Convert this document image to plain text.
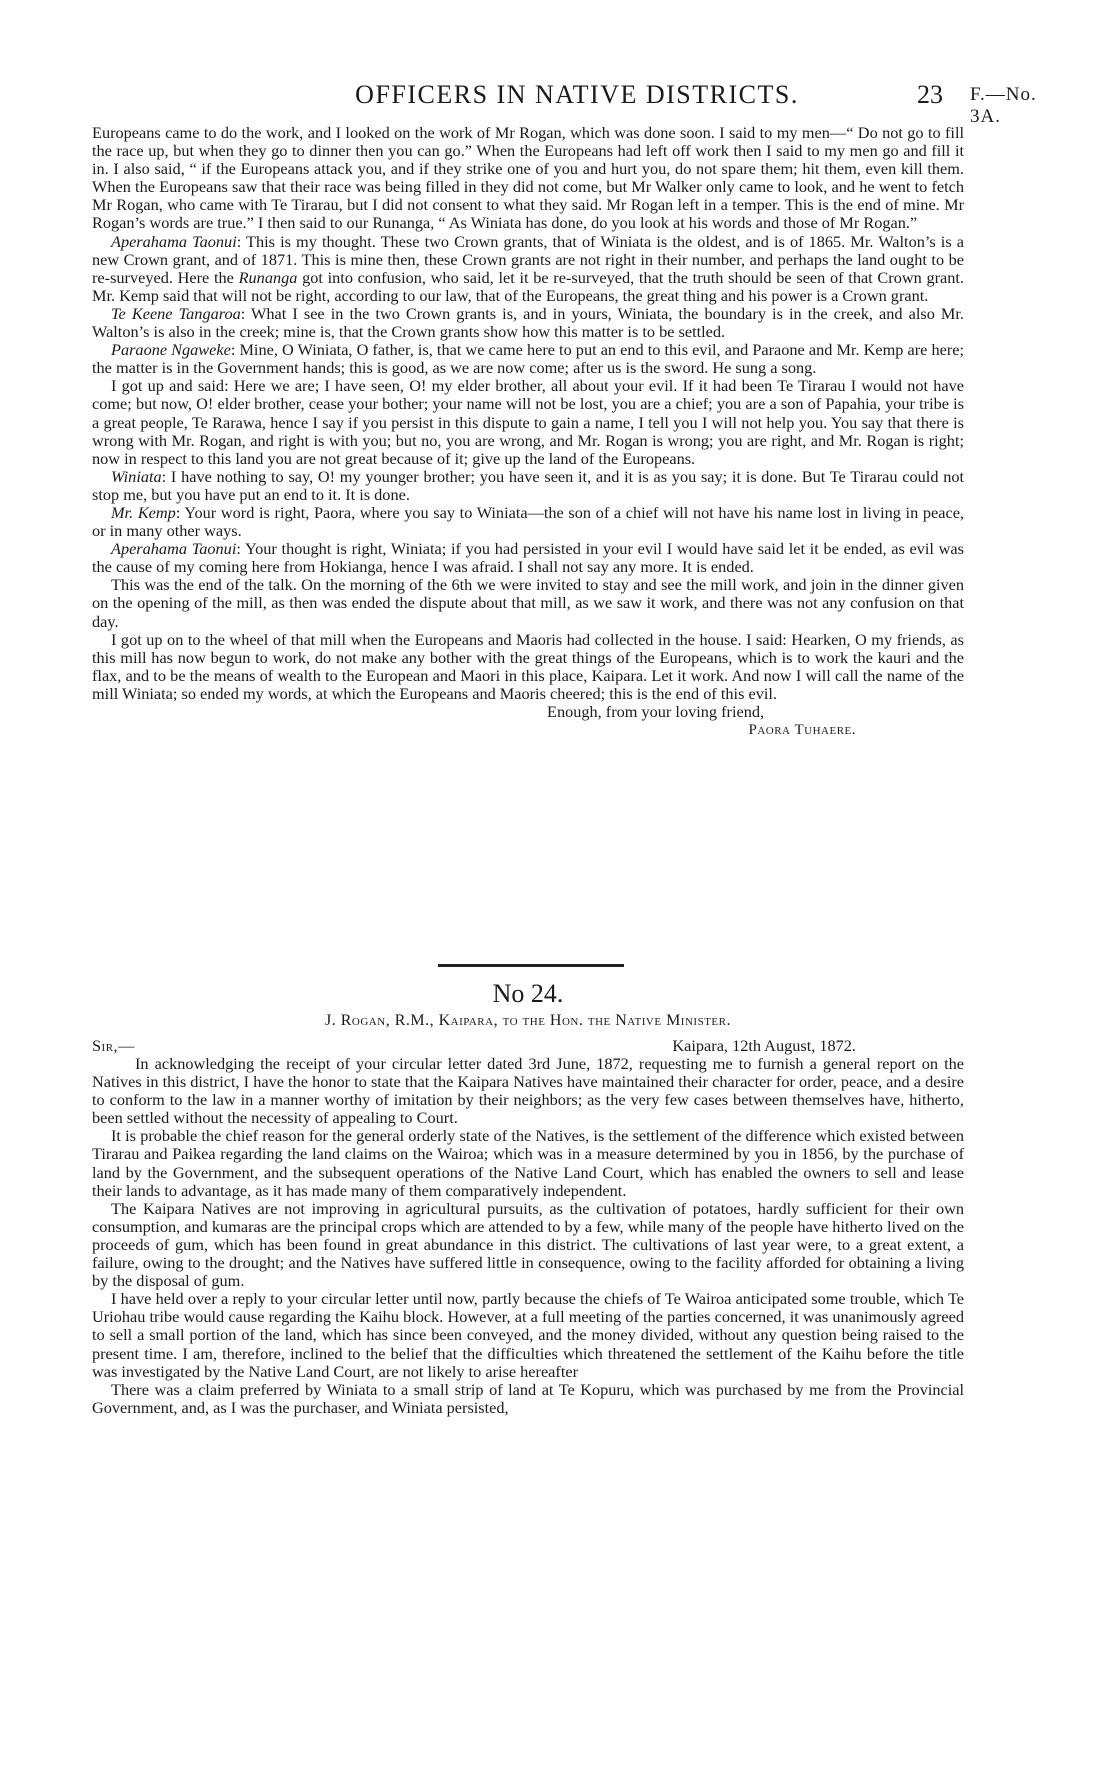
OFFICERS IN NATIVE DISTRICTS.	23 F.—No. 3A.

Europeans came to do the work, and I looked on the work of Mr Rogan, which was done soon. I said to my men—“ Do not go to fill the race up, but when they go to dinner then you can go.” When the Europeans had left off work then I said to my men go and fill it in. I also said, “ if the Europeans attack you, and if they strike one of you and hurt you, do not spare them; hit them, even kill them. When the Europeans saw that their race was being filled in they did not come, but Mr Walker only came to look, and he went to fetch Mr Rogan, who came with Te Tirarau, but I did not consent to what they said. Mr Rogan left in a temper. This is the end of mine. Mr Rogan’s words are true.” I then said to our Runanga, “ As Winiata has done, do you look at his words and those of Mr Rogan.”

Aperahama Taonui: This is my thought. These two Crown grants, that of Winiata is the oldest, and is of 1865. Mr. Walton’s is a new Crown grant, and of 1871. This is mine then, these Crown grants are not right in their number, and perhaps the land ought to be re-surveyed. Here the Runanga got into confusion, who said, let it be re-surveyed, that the truth should be seen of that Crown grant. Mr. Kemp said that will not be right, according to our law, that of the Europeans, the great thing and his power is a Crown grant.

Te Keene Tangaroa: What I see in the two Crown grants is, and in yours, Winiata, the boundary is in the creek, and also Mr. Walton’s is also in the creek; mine is, that the Crown grants show how this matter is to be settled.

Paraone Ngaweke: Mine, O Winiata, O father, is, that we came here to put an end to this evil, and Paraone and Mr. Kemp are here; the matter is in the Government hands; this is good, as we are now come; after us is the sword. He sung a song.

I got up and said: Here we are; I have seen, O! my elder brother, all about your evil. If it had been Te Tirarau I would not have come; but now, O! elder brother, cease your bother; your name will not be lost, you are a chief; you are a son of Papahia, your tribe is a great people, Te Rarawa, hence I say if you persist in this dispute to gain a name, I tell you I will not help you. You say that there is wrong with Mr. Rogan, and right is with you; but no, you are wrong, and Mr. Rogan is wrong; you are right, and Mr. Rogan is right; now in respect to this land you are not great because of it; give up the land of the Europeans.

Winiata: I have nothing to say, O! my younger brother; you have seen it, and it is as you say; it is done. But Te Tirarau could not stop me, but you have put an end to it. It is done.

Mr. Kemp: Your word is right, Paora, where you say to Winiata—the son of a chief will not have his name lost in living in peace, or in many other ways.

Aperahama Taonui: Your thought is right, Winiata; if you had persisted in your evil I would have said let it be ended, as evil was the cause of my coming here from Hokianga, hence I was afraid. I shall not say any more. It is ended.

This was the end of the talk. On the morning of the 6th we were invited to stay and see the mill work, and join in the dinner given on the opening of the mill, as then was ended the dispute about that mill, as we saw it work, and there was not any confusion on that day.

I got up on to the wheel of that mill when the Europeans and Maoris had collected in the house. I said: Hearken, O my friends, as this mill has now begun to work, do not make any bother with the great things of the Europeans, which is to work the kauri and the flax, and to be the means of wealth to the European and Maori in this place, Kaipara. Let it work. And now I will call the name of the mill Winiata; so ended my words, at which the Europeans and Maoris cheered; this is the end of this evil.

Enough, from your loving friend,

Paora Tuhaere.

No 24.
J. Rogan, R.M., Kaipara, to the Hon. the Native Minister.
Sir,—	Kaipara, 12th August, 1872.

In acknowledging the receipt of your circular letter dated 3rd June, 1872, requesting me to furnish a general report on the Natives in this district, I have the honor to state that the Kaipara Natives have maintained their character for order, peace, and a desire to conform to the law in a manner worthy of imitation by their neighbors; as the very few cases between themselves have, hitherto, been settled without the necessity of appealing to Court.

It is probable the chief reason for the general orderly state of the Natives, is the settlement of the difference which existed between Tirarau and Paikea regarding the land claims on the Wairoa; which was in a measure determined by you in 1856, by the purchase of land by the Government, and the subsequent operations of the Native Land Court, which has enabled the owners to sell and lease their lands to advantage, as it has made many of them comparatively independent.

The Kaipara Natives are not improving in agricultural pursuits, as the cultivation of potatoes, hardly sufficient for their own consumption, and kumaras are the principal crops which are attended to by a few, while many of the people have hitherto lived on the proceeds of gum, which has been found in great abundance in this district. The cultivations of last year were, to a great extent, a failure, owing to the drought; and the Natives have suffered little in consequence, owing to the facility afforded for obtaining a living by the disposal of gum.

I have held over a reply to your circular letter until now, partly because the chiefs of Te Wairoa anticipated some trouble, which Te Uriohau tribe would cause regarding the Kaihu block. However, at a full meeting of the parties concerned, it was unanimously agreed to sell a small portion of the land, which has since been conveyed, and the money divided, without any question being raised to the present time. I am, therefore, inclined to the belief that the difficulties which threatened the settlement of the Kaihu before the title was investigated by the Native Land Court, are not likely to arise hereafter

There was a claim preferred by Winiata to a small strip of land at Te Kopuru, which was purchased by me from the Provincial Government, and, as I was the purchaser, and Winiata persisted,
